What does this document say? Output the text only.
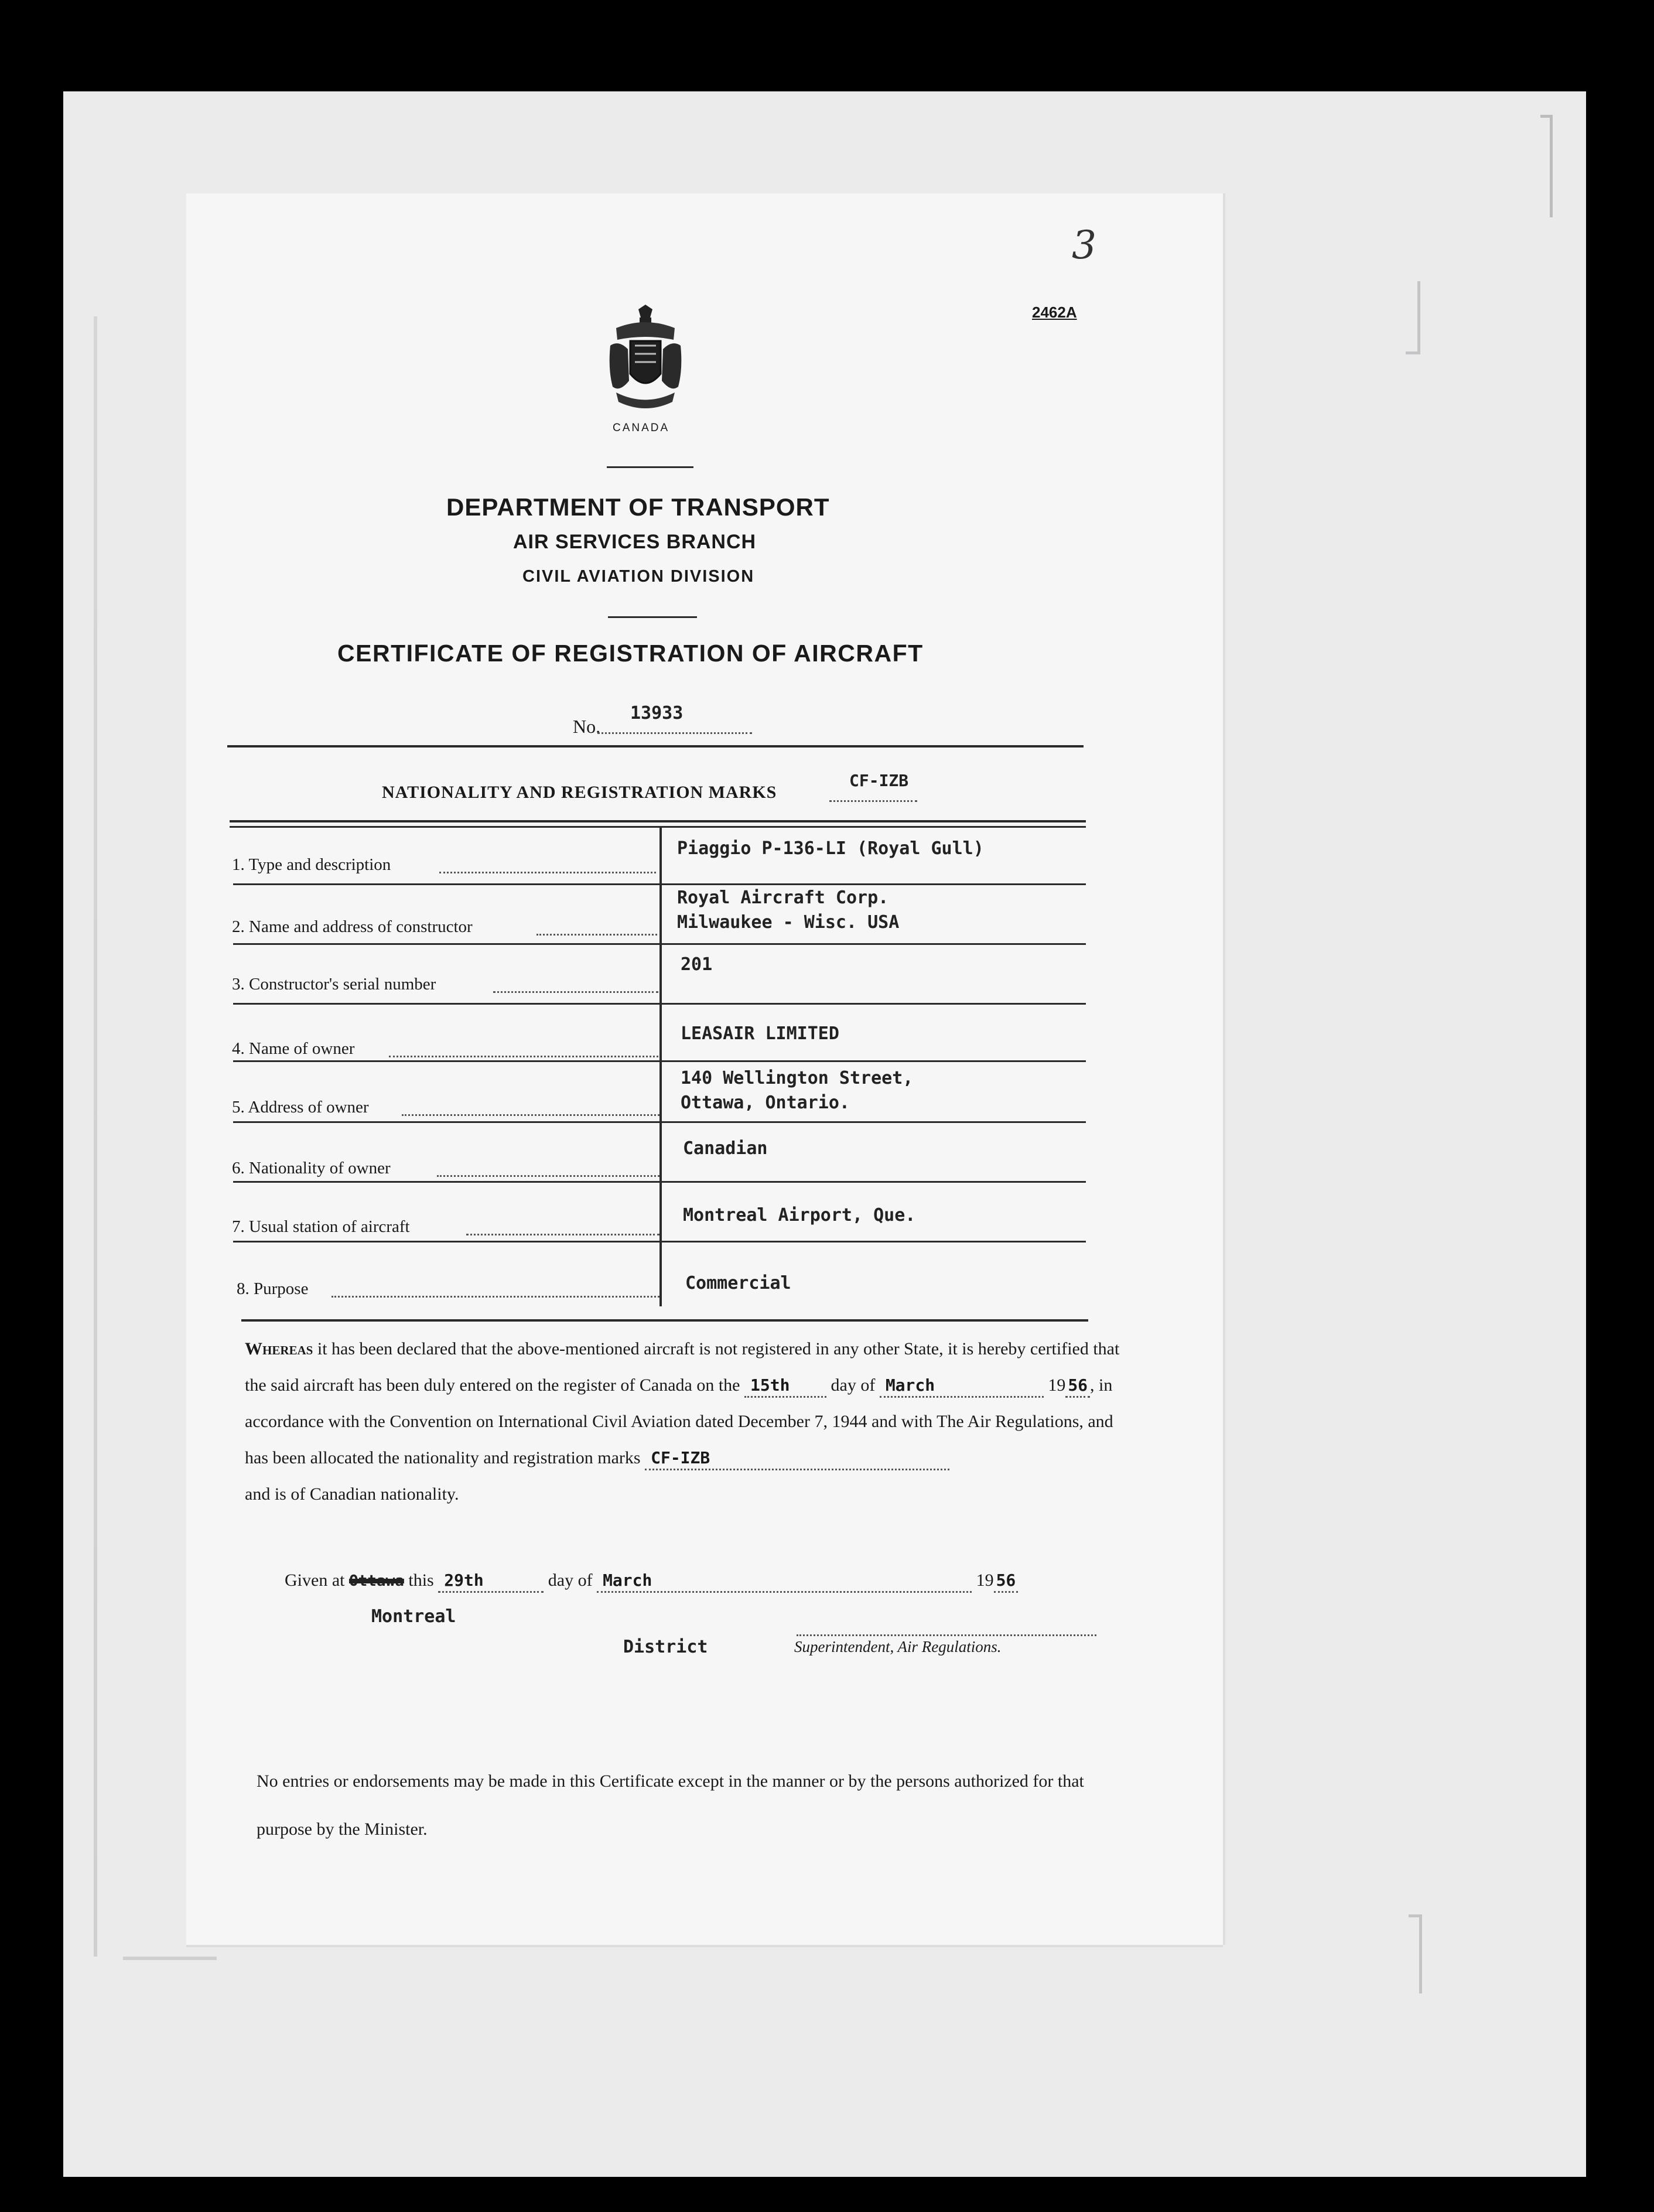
3
2462A
CANADA
DEPARTMENT OF TRANSPORT
AIR SERVICES BRANCH
CIVIL AVIATION DIVISION
CERTIFICATE OF REGISTRATION OF AIRCRAFT
No.
13933
NATIONALITY AND REGISTRATION MARKS
CF-IZB
1. Type and description
Piaggio P-136-LI (Royal Gull)
2. Name and address of constructor
Royal Aircraft Corp.
Milwaukee - Wisc. USA
3. Constructor's serial number
201
4. Name of owner
LEASAIR LIMITED
5. Address of owner
140 Wellington Street,
Ottawa, Ontario.
6. Nationality of owner
Canadian
7. Usual station of aircraft
Montreal Airport, Que.
8. Purpose	Commercial

Whereas it has been declared that the above-mentioned aircraft is not registered in any other State, it is hereby certified that the said aircraft has been duly entered on the register of Canada on the 15th day of March	19 56 , in accordance with the Convention on International Civil Aviation dated December 7, 1944 and with The Air Regulations, and has been allocated the nationality and registration marks CF-IZB

and is of Canadian nationality.

Given at Ottawa this 29th	day of March	19 56
Montreal
District	Superintendent, Air Regulations.
No entries or endorsements may be made in this Certificate except in the manner or by the persons authorized for that purpose by the Minister.
